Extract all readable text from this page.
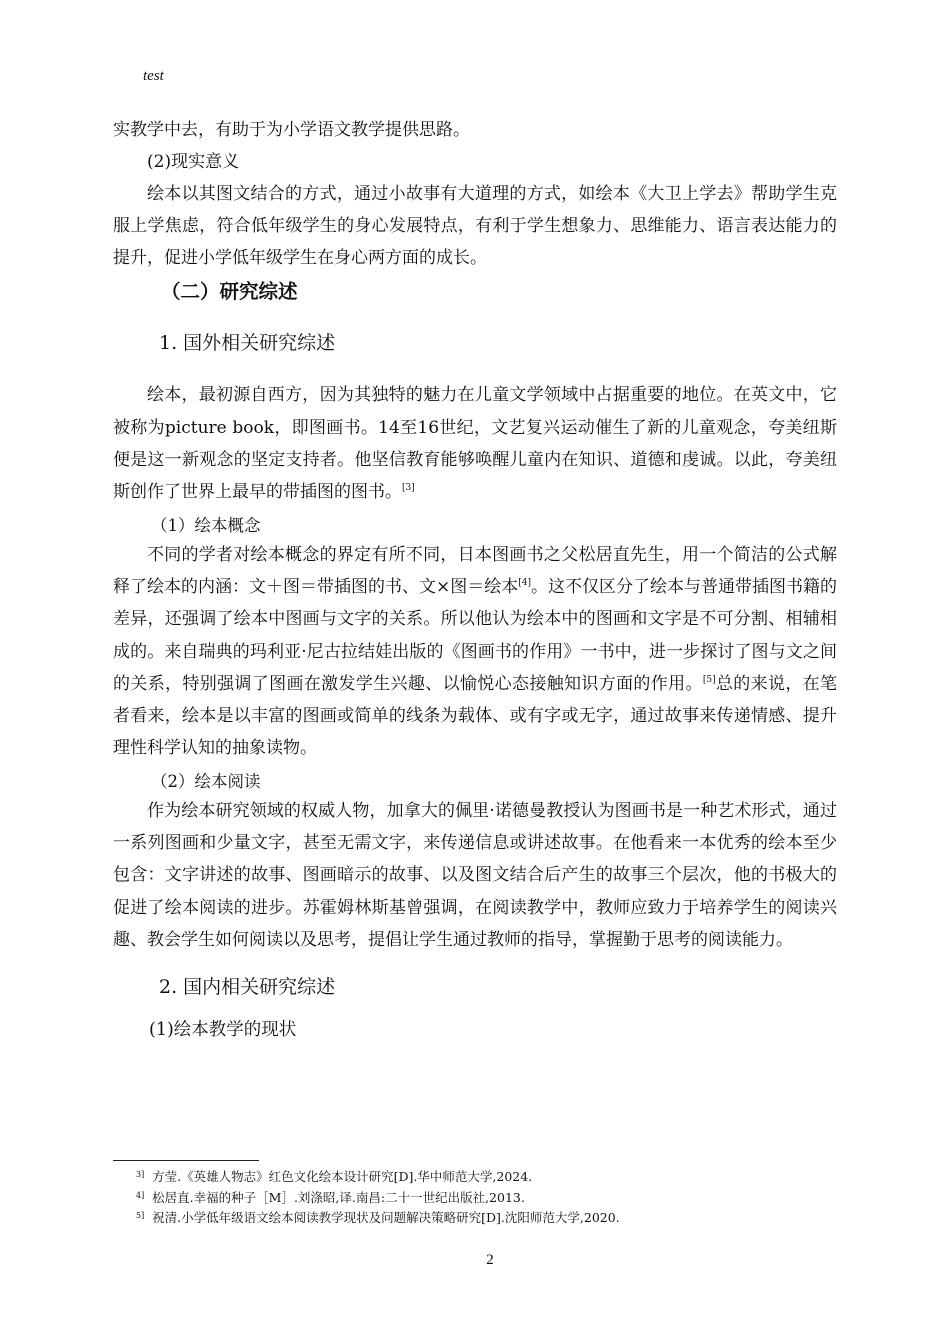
test

实教学中去，有助于为小学语文教学提供思路。

(2)现实意义

绘本以其图文结合的方式，通过小故事有大道理的方式，如绘本《大卫上学去》帮助学生克服上学焦虑，符合低年级学生的身心发展特点，有利于学生想象力、思维能力、语言表达能力的提升，促进小学低年级学生在身心两方面的成长。

（二）研究综述

1. 国外相关研究综述

绘本，最初源自西方，因为其独特的魅力在儿童文学领域中占据重要的地位。在英文中，它被称为picture book，即图画书。14至16世纪，文艺复兴运动催生了新的儿童观念，夸美纽斯便是这一新观念的坚定支持者。他坚信教育能够唤醒儿童内在知识、道德和虔诚。以此，夸美纽斯创作了世界上最早的带插图的图书。[3]

（1）绘本概念

不同的学者对绘本概念的界定有所不同，日本图画书之父松居直先生，用一个简洁的公式解释了绘本的内涵：文＋图＝带插图的书、文×图＝绘本[4]。这不仅区分了绘本与普通带插图书籍的差异，还强调了绘本中图画与文字的关系。所以他认为绘本中的图画和文字是不可分割、相辅相成的。来自瑞典的玛利亚·尼古拉结娃出版的《图画书的作用》一书中，进一步探讨了图与文之间的关系，特别强调了图画在激发学生兴趣、以愉悦心态接触知识方面的作用。[5]总的来说，在笔者看来，绘本是以丰富的图画或简单的线条为载体、或有字或无字，通过故事来传递情感、提升理性科学认知的抽象读物。

（2）绘本阅读

作为绘本研究领域的权威人物，加拿大的佩里·诺德曼教授认为图画书是一种艺术形式，通过一系列图画和少量文字，甚至无需文字，来传递信息或讲述故事。在他看来一本优秀的绘本至少包含：文字讲述的故事、图画暗示的故事、以及图文结合后产生的故事三个层次，他的书极大的促进了绘本阅读的进步。苏霍姆林斯基曾强调，在阅读教学中，教师应致力于培养学生的阅读兴趣、教会学生如何阅读以及思考，提倡让学生通过教师的指导，掌握勤于思考的阅读能力。

2. 国内相关研究综述

(1)绘本教学的现状

$^{3]}$ 方莹.《英雄人物志》红色文化绘本设计研究[D].华中师范大学,2024.
$^{4]}$ 松居直.幸福的种子［M］.刘涤昭,译.南昌:二十一世纪出版社,2013.
$^{5]}$ 祝清.小学低年级语文绘本阅读教学现状及问题解决策略研究[D].沈阳师范大学,2020.
2
